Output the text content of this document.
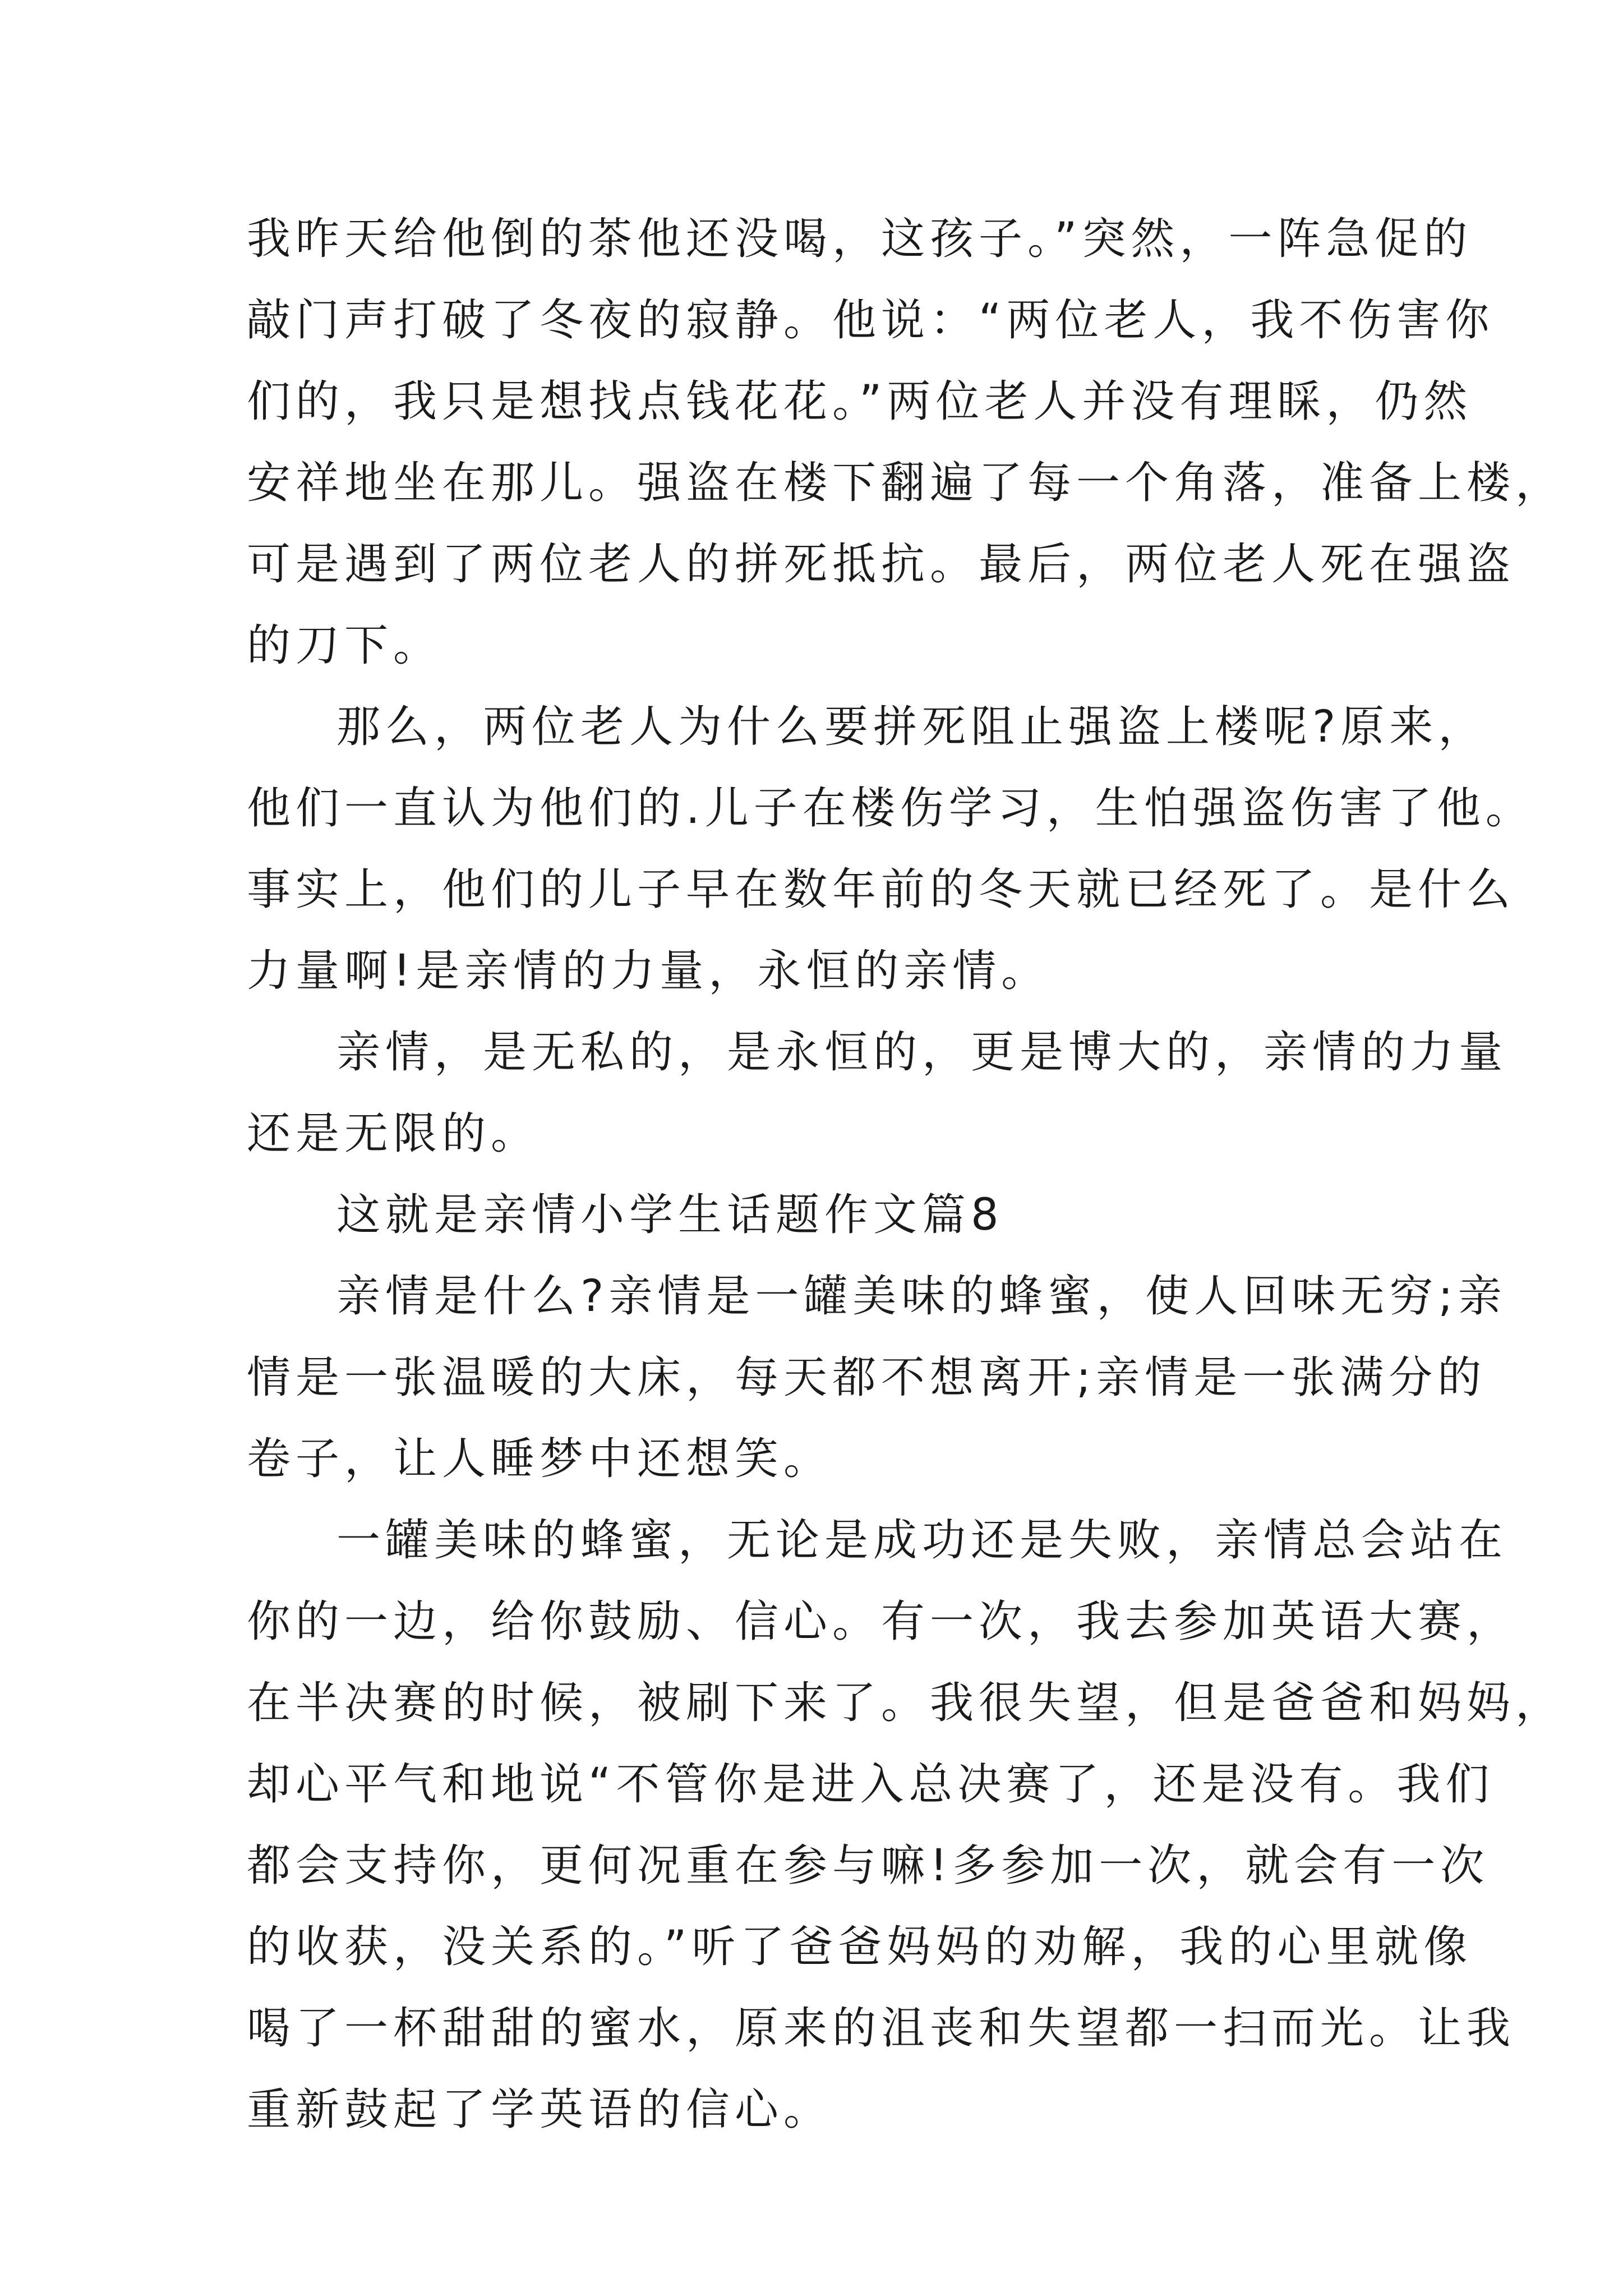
我昨天给他倒的茶他还没喝，这孩子。”突然，一阵急促的
敲门声打破了冬夜的寂静。他说：“两位老人，我不伤害你
们的，我只是想找点钱花花。”两位老人并没有理睬，仍然
安祥地坐在那儿。强盗在楼下翻遍了每一个角落，准备上楼，
可是遇到了两位老人的拼死抵抗。最后，两位老人死在强盗
的刀下。
那么，两位老人为什么要拼死阻止强盗上楼呢?原来，
他们一直认为他们的.儿子在楼伤学习，生怕强盗伤害了他。
事实上，他们的儿子早在数年前的冬天就已经死了。是什么
力量啊!是亲情的力量，永恒的亲情。
亲情，是无私的，是永恒的，更是博大的，亲情的力量
还是无限的。
这就是亲情小学生话题作文篇8
亲情是什么?亲情是一罐美味的蜂蜜，使人回味无穷;亲
情是一张温暖的大床，每天都不想离开;亲情是一张满分的
卷子，让人睡梦中还想笑。
一罐美味的蜂蜜，无论是成功还是失败，亲情总会站在
你的一边，给你鼓励、信心。有一次，我去参加英语大赛，
在半决赛的时候，被刷下来了。我很失望，但是爸爸和妈妈，
却心平气和地说“不管你是进入总决赛了，还是没有。我们
都会支持你，更何况重在参与嘛!多参加一次，就会有一次
的收获，没关系的。”听了爸爸妈妈的劝解，我的心里就像
喝了一杯甜甜的蜜水，原来的沮丧和失望都一扫而光。让我
重新鼓起了学英语的信心。
